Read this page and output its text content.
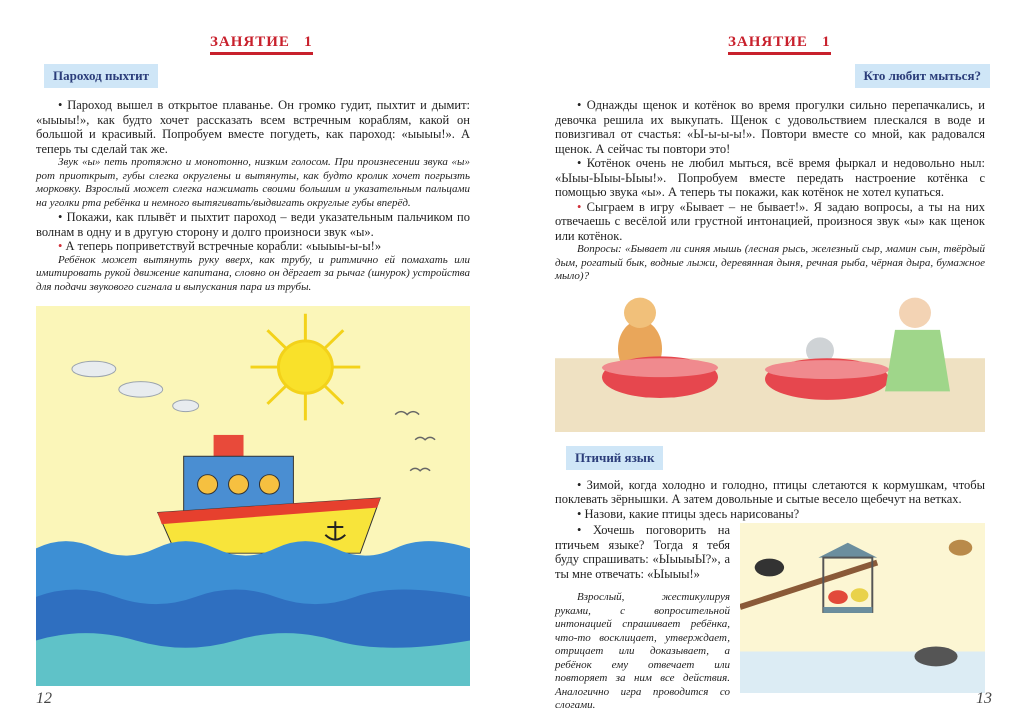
ЗАНЯТИЕ   1
Пароход пыхтит

• Пароход вышел в открытое плаванье. Он громко гудит, пыхтит и дымит: «ыыыы!», как будто хочет рассказать всем встречным кораблям, какой он большой и красивый. Попробуем вместе погудеть, как пароход: «ыыыы!». А теперь ты сделай так же.

Звук «ы» петь протяжно и монотонно, низким голосом. При произнесении звука «ы» рот приоткрыт, губы слегка округлены и вытянуты, как будто кролик хочет погрызть морковку. Взрослый может слегка нажимать своими большим и указательным пальцами на уголки рта ребёнка и немного вытягивать/выдвигать округлые губы вперёд.

• Покажи, как плывёт и пыхтит пароход – веди указательным пальчиком по волнам в одну и в другую сторону и долго произноси звук «ы».

• А теперь поприветствуй встречные корабли: «ыыыы-ы-ы!»

Ребёнок может вытянуть руку вверх, как трубу, и ритмично ей помахать или имитировать рукой движение капитана, словно он дёргает за рычаг (шнурок) устройства для подачи звукового сигнала и выпускания пара из трубы.

12
ЗАНЯТИЕ   1
Кто любит мыться?

• Однажды щенок и котёнок во время прогулки сильно перепачкались, и девочка решила их выкупать. Щенок с удовольствием плескался в воде и повизгивал от счастья: «Ы-ы-ы-ы!». Повтори вместе со мной, как радовался щенок. А сейчас ты повтори это!

• Котёнок очень не любил мыться, всё время фыркал и недовольно ныл: «Ыыы-Ыыы-Ыыы!». Попробуем вместе передать настроение котёнка с помощью звука «ы». А теперь ты покажи, как котёнок не хотел купаться.

• Сыграем в игру «Бывает – не бывает!». Я задаю вопросы, а ты на них отвечаешь с весёлой или грустной интонацией, произнося звук «ы» как щенок или котёнок.

Вопросы: «Бывает ли синяя мышь (лесная рысь, железный сыр, мамин сын, твёрдый дым, рогатый бык, водные лыжи, деревянная дыня, речная рыба, чёрная дыра, бумажное мыло)?

Птичий язык

• Зимой, когда холодно и голодно, птицы слетаются к кормушкам, чтобы поклевать зёрнышки. А затем довольные и сытые весело щебечут на ветках.

• Назови, какие птицы здесь нарисованы?

• Хочешь поговорить на птичьем языке? Тогда я тебя буду спрашивать: «ЫыыыЫ?», а ты мне отвечать: «Ыыыы!»

Взрослый, жестикулируя руками, с вопросительной интонацией спрашивает ребёнка, что-то восклицает, утверждает, отрицает или доказывает, а ребёнок ему отвечает или повторяет за ним все действия. Аналогично игра проводится со слогами.	13
